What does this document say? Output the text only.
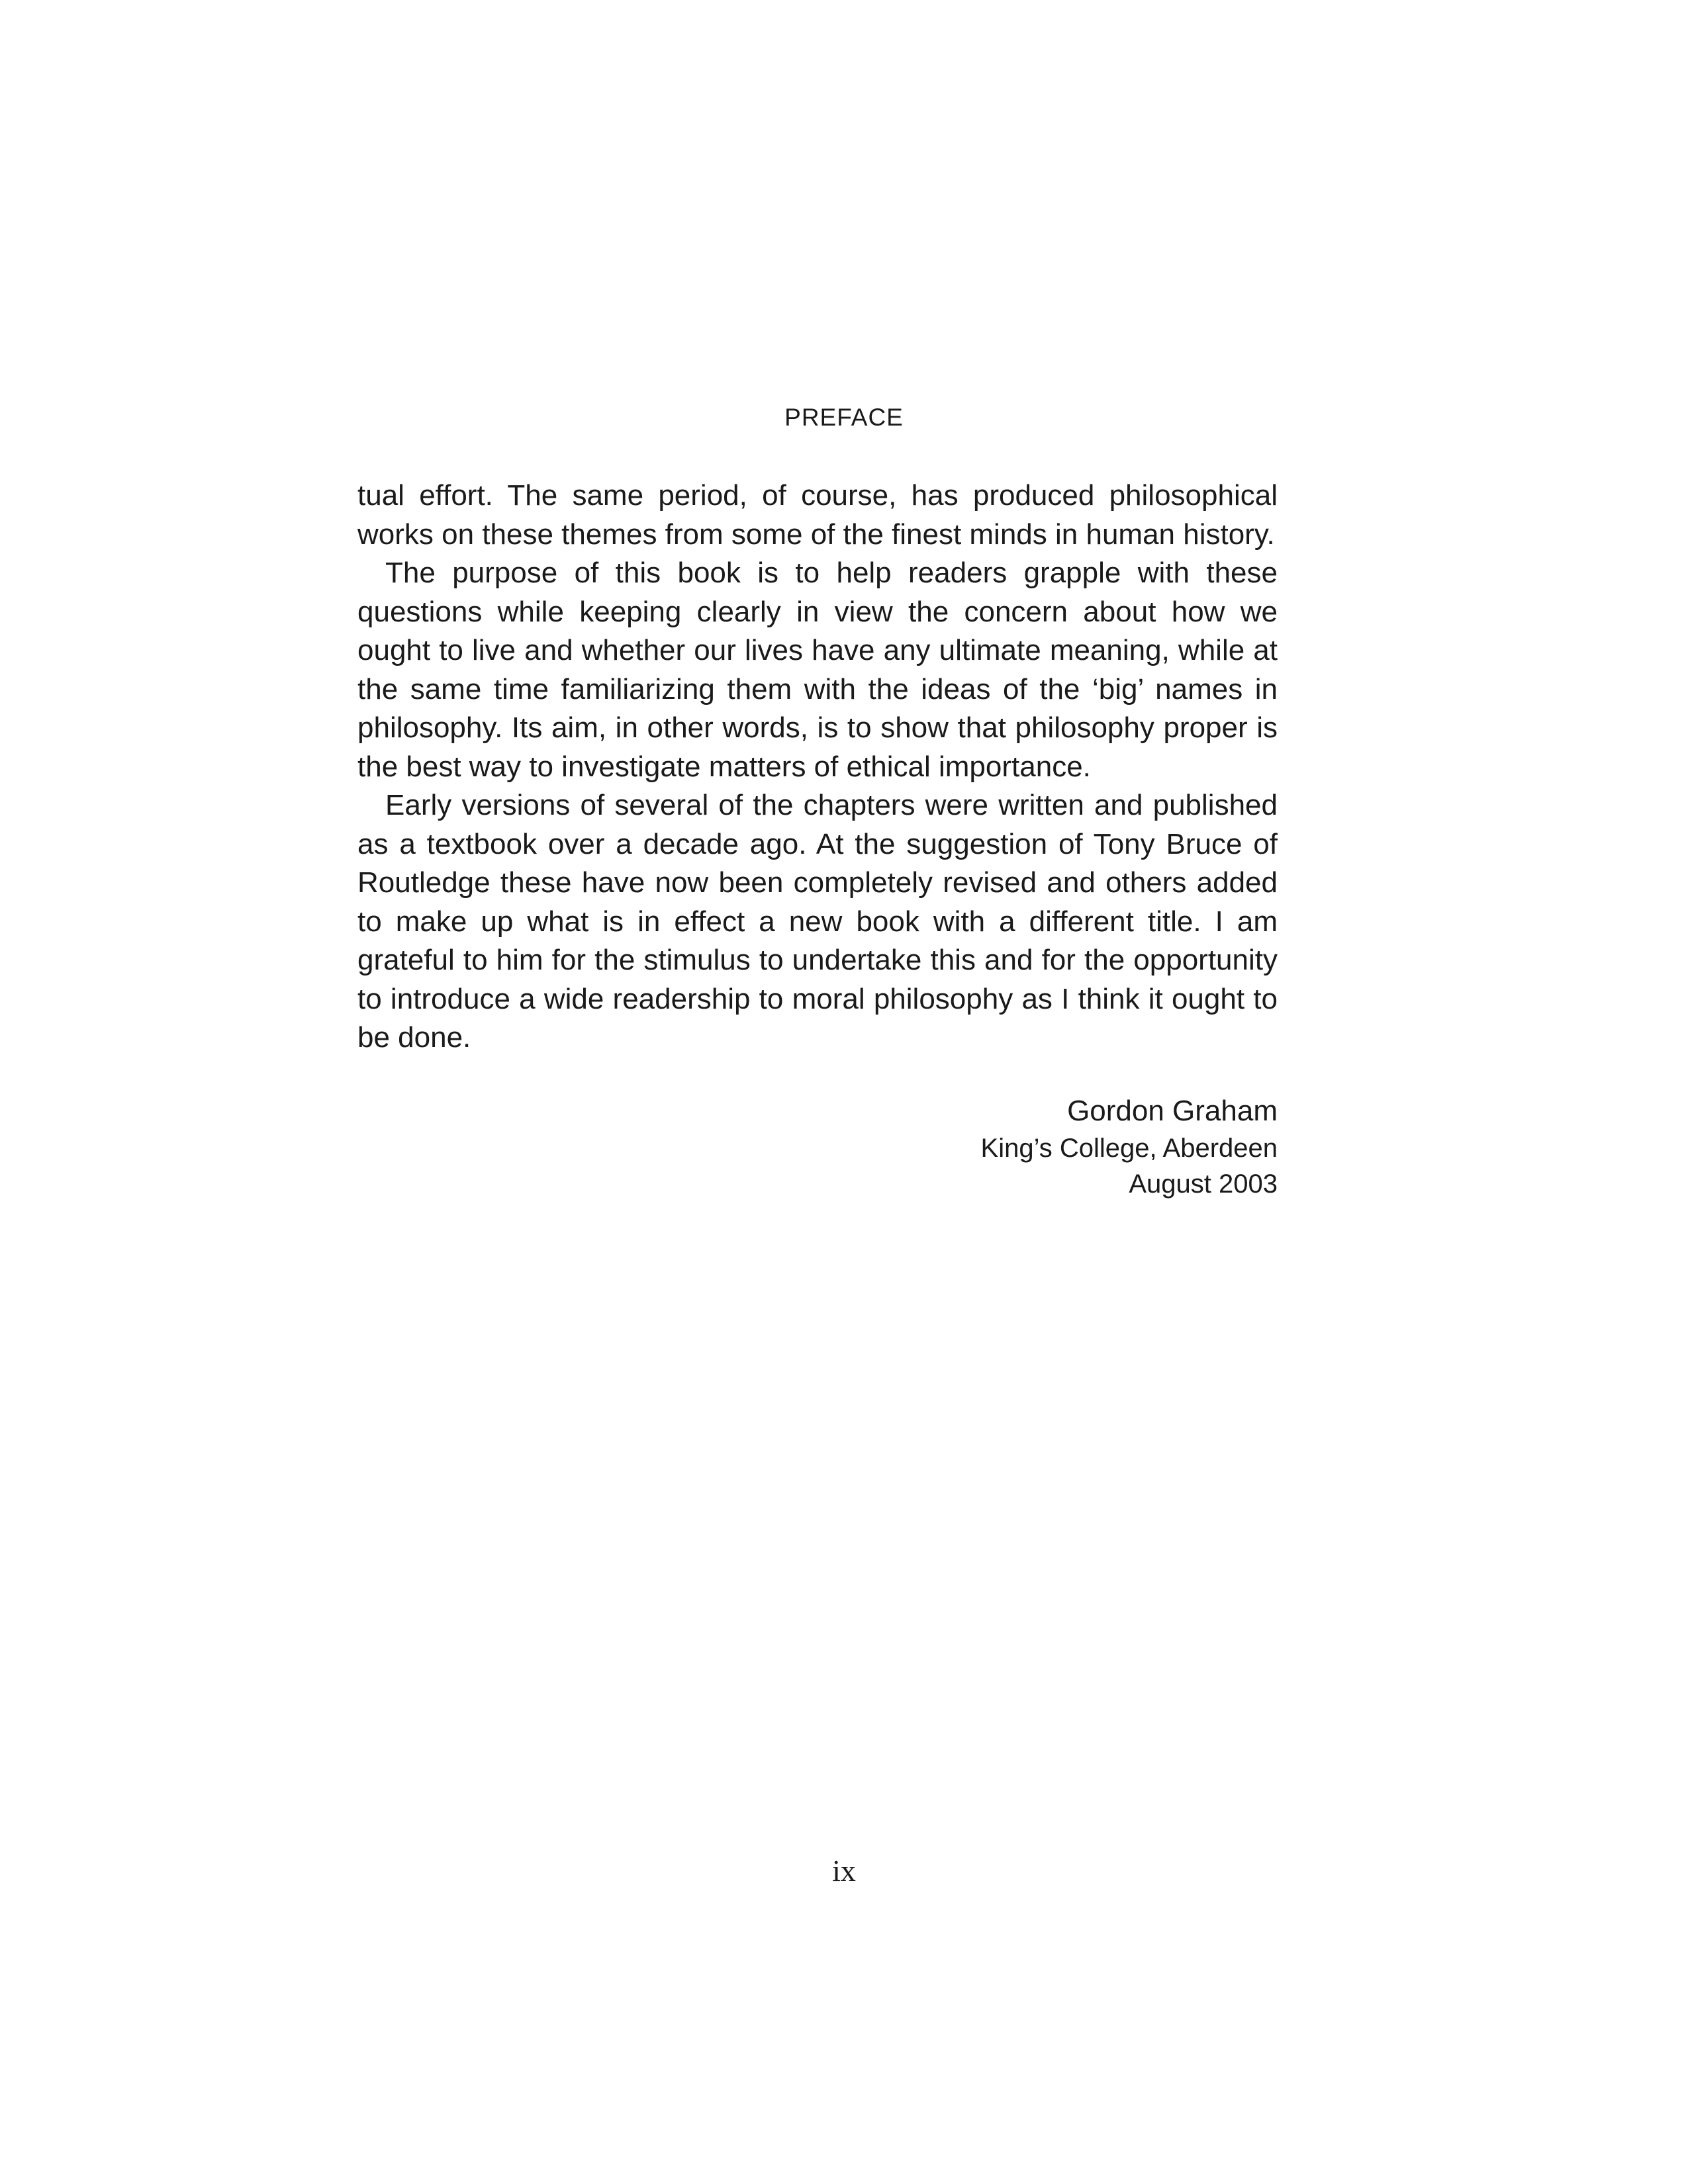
PREFACE

tual effort. The same period, of course, has produced philosophical works on these themes from some of the finest minds in human history.

The purpose of this book is to help readers grapple with these questions while keeping clearly in view the concern about how we ought to live and whether our lives have any ultimate meaning, while at the same time familiarizing them with the ideas of the ‘big’ names in philosophy. Its aim, in other words, is to show that philosophy proper is the best way to investigate matters of ethical importance.

Early versions of several of the chapters were written and published as a textbook over a decade ago. At the suggestion of Tony Bruce of Routledge these have now been completely revised and others added to make up what is in effect a new book with a different title. I am grateful to him for the stimulus to undertake this and for the opportunity to introduce a wide readership to moral philosophy as I think it ought to be done.

Gordon Graham
King’s College, Aberdeen
August 2003
ix
